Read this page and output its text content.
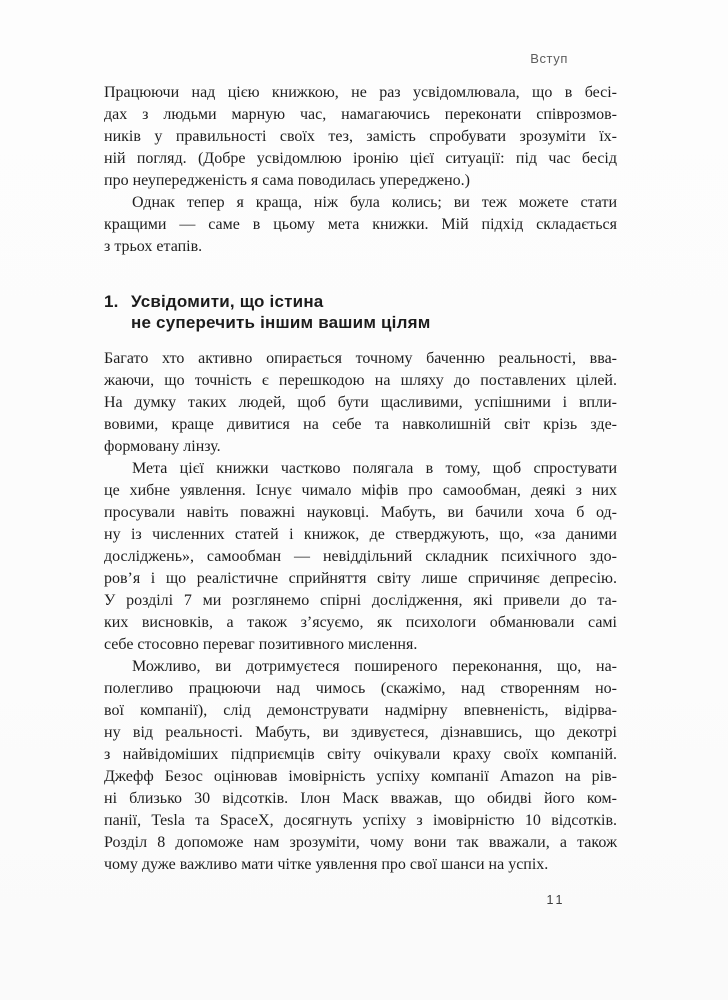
Вступ
Працюючи над цією книжкою, не раз усвідомлювала, що в бесі-
дах з людьми марную час, намагаючись переконати співрозмов-
ників у правильності своїх тез, замість спробувати зрозуміти їх-
ній погляд. (Добре усвідомлюю іронію цієї ситуації: під час бесід
про неупередженість я сама поводилась упереджено.)
Однак тепер я краща, ніж була колись; ви теж можете стати
кращими — саме в цьому мета книжки. Мій підхід складається
з трьох етапів.
1. Усвідомити, що істина
не суперечить іншим вашим цілям
Багато хто активно опирається точному баченню реальності, вва-
жаючи, що точність є перешкодою на шляху до поставлених цілей.
На думку таких людей, щоб бути щасливими, успішними і впли-
вовими, краще дивитися на себе та навколишній світ крізь зде-
формовану лінзу.
Мета цієї книжки частково полягала в тому, щоб спростувати
це хибне уявлення. Існує чимало міфів про самообман, деякі з них
просували навіть поважні науковці. Мабуть, ви бачили хоча б од-
ну із численних статей і книжок, де стверджують, що, «за даними
досліджень», самообман — невіддільний складник психічного здо-
ров’я і що реалістичне сприйняття світу лише спричиняє депресію.
У розділі 7 ми розглянемо спірні дослідження, які привели до та-
ких висновків, а також з’ясуємо, як психологи обманювали самі
себе стосовно переваг позитивного мислення.
Можливо, ви дотримуєтеся поширеного переконання, що, на-
полегливо працюючи над чимось (скажімо, над створенням но-
вої компанії), слід демонструвати надмірну впевненість, відірва-
ну від реальності. Мабуть, ви здивуєтеся, дізнавшись, що декотрі
з найвідоміших підприємців світу очікували краху своїх компаній.
Джефф Безос оцінював імовірність успіху компанії Amazon на рів-
ні близько 30 відсотків. Ілон Маск вважав, що обидві його ком-
панії, Tesla та SpaceX, досягнуть успіху з імовірністю 10 відсотків.
Розділ 8 допоможе нам зрозуміти, чому вони так вважали, а також
чому дуже важливо мати чітке уявлення про свої шанси на успіх.
11
